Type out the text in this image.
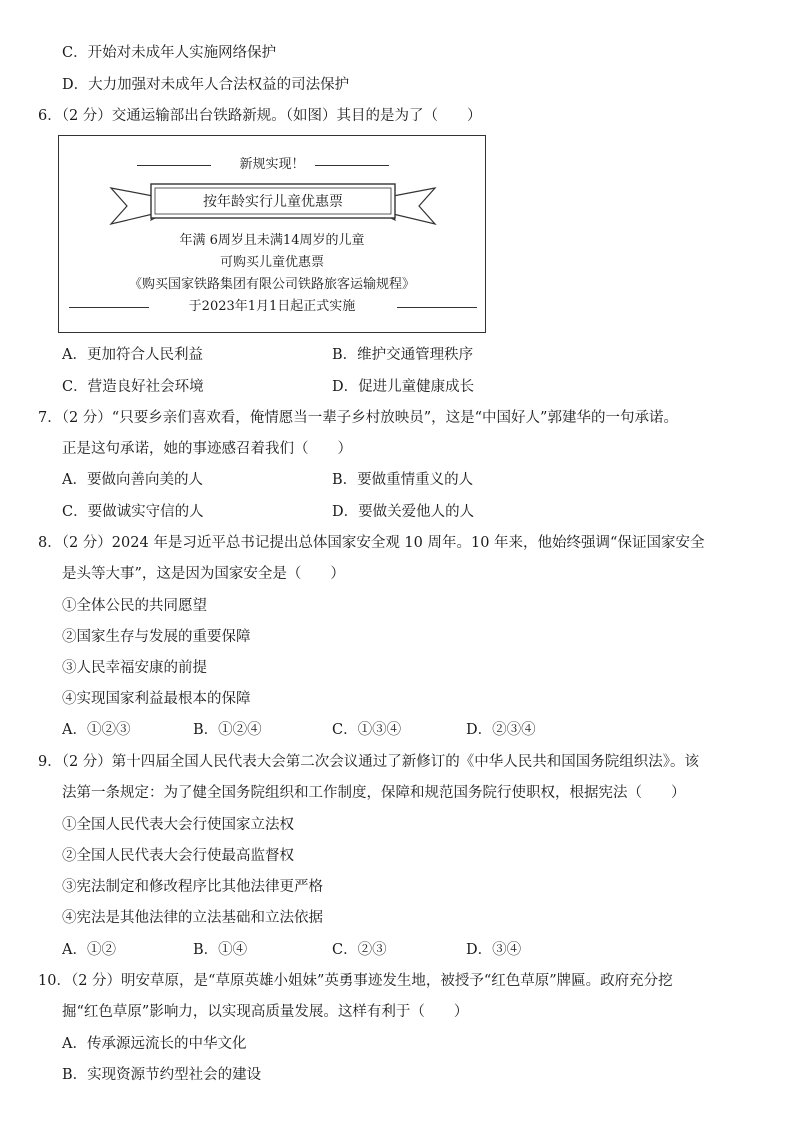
C．开始对未成年人实施网络保护
D．大力加强对未成年人合法权益的司法保护
6．（2 分）交通运输部出台铁路新规。（如图）其目的是为了（　　）
新规实现！
按年龄实行儿童优惠票
年满 6周岁且未满14周岁的儿童
可购买儿童优惠票
《购买国家铁路集团有限公司铁路旅客运输规程》
于2023年1月1日起正式实施
A．更加符合人民利益	B．维护交通管理秩序
C．营造良好社会环境	D．促进儿童健康成长
7．（2 分）“只要乡亲们喜欢看，俺情愿当一辈子乡村放映员”，这是“中国好人”郭建华的一句承诺。
正是这句承诺，她的事迹感召着我们（　　）
A．要做向善向美的人	B．要做重情重义的人
C．要做诚实守信的人	D．要做关爱他人的人
8．（2 分）2024 年是习近平总书记提出总体国家安全观 10 周年。10 年来，他始终强调“保证国家安全
是头等大事”，这是因为国家安全是（　　）
①全体公民的共同愿望
②国家生存与发展的重要保障
③人民幸福安康的前提
④实现国家利益最根本的保障
A．①②③	B．①②④	C．①③④	D．②③④
9．（2 分）第十四届全国人民代表大会第二次会议通过了新修订的《中华人民共和国国务院组织法》。该
法第一条规定：为了健全国务院组织和工作制度，保障和规范国务院行使职权，根据宪法（　　）
①全国人民代表大会行使国家立法权
②全国人民代表大会行使最高监督权
③宪法制定和修改程序比其他法律更严格
④宪法是其他法律的立法基础和立法依据
A．①②	B．①④	C．②③	D．③④
10．（2 分）明安草原，是“草原英雄小姐妹”英勇事迹发生地，被授予“红色草原”牌匾。政府充分挖
掘“红色草原”影响力，以实现高质量发展。这样有利于（　　）
A．传承源远流长的中华文化
B．实现资源节约型社会的建设
